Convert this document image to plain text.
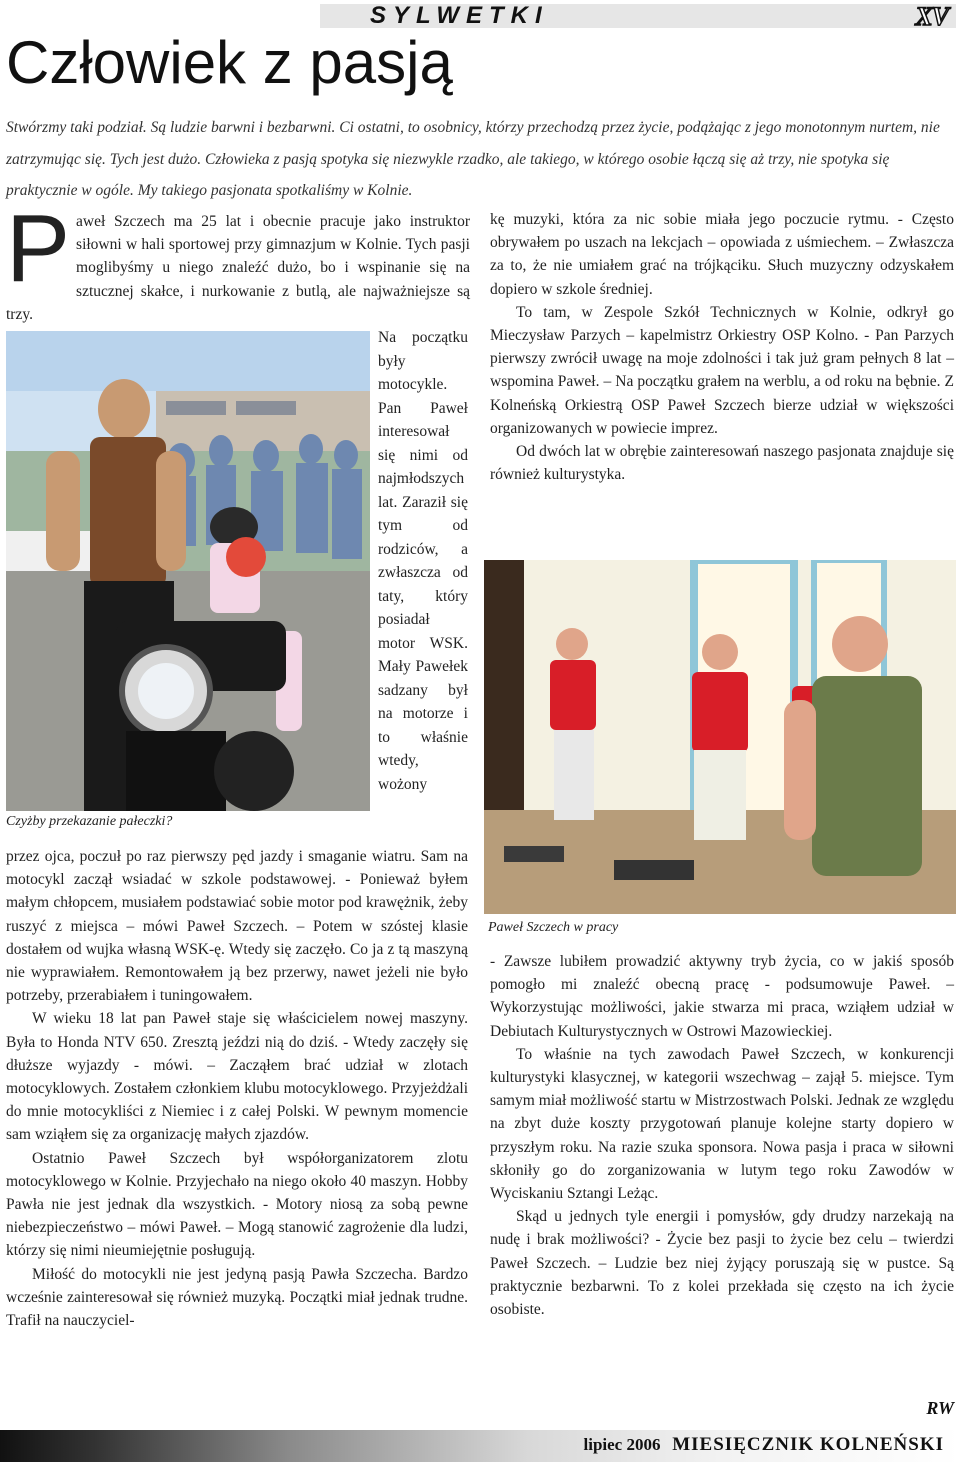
SYLWETKI	XV
Człowiek z pasją
Stwórzmy taki podział. Są ludzie barwni i bezbarwni. Ci ostatni, to osobnicy, którzy przechodzą przez życie, podążając z jego monotonnym nurtem, nie zatrzymując się. Tych jest dużo. Człowieka z pasją spotyka się niezwykle rzadko, ale takiego, w którego osobie łączą się aż trzy, nie spotyka się praktycznie w ogóle. My takiego pasjonata spotkaliśmy w Kolnie.
P aweł Szczech ma 25 lat i obecnie pracuje jako instruktor siłowni w hali sportowej przy gimnazjum w Kolnie. Tych pasji moglibyśmy u niego znaleźć dużo, bo i wspinanie się na sztucznej skałce, i nurkowanie z butlą, ale najważniejsze są trzy.

Na początku były motocykle. Pan Paweł interesował się nimi od najmłodszych lat. Zaraził się tym od rodziców, a zwłaszcza od taty, który posiadał motor WSK. Mały Pawełek sadzany był na motorze i to właśnie wtedy, wożony

Czyżby przekazanie pałeczki?

przez ojca, poczuł po raz pierwszy pęd jazdy i smaganie wiatru. Sam na motocykl zaczął wsiadać w szkole podstawowej. - Ponieważ byłem małym chłopcem, musiałem podstawiać sobie motor pod krawężnik, żeby ruszyć z miejsca – mówi Paweł Szczech. – Potem w szóstej klasie dostałem od wujka własną WSK-ę. Wtedy się zaczęło. Co ja z tą maszyną nie wyprawiałem. Remontowałem ją bez przerwy, nawet jeżeli nie było potrzeby, przerabiałem i tuningowałem.

W wieku 18 lat pan Paweł staje się właścicielem nowej maszyny. Była to Honda NTV 650. Zresztą jeździ nią do dziś. - Wtedy zaczęły się dłuższe wyjazdy - mówi. – Zacząłem brać udział w zlotach motocyklowych. Zostałem członkiem klubu motocyklowego. Przyjeżdżali do mnie motocykliści z Niemiec i z całej Polski. W pewnym momencie sam wziąłem się za organizację małych zjazdów.

Ostatnio Paweł Szczech był współorganizatorem zlotu motocyklowego w Kolnie. Przyjechało na niego około 40 maszyn. Hobby Pawła nie jest jednak dla wszystkich. - Motory niosą za sobą pewne niebezpieczeństwo – mówi Paweł. – Mogą stanowić zagrożenie dla ludzi, którzy się nimi nieumiejętnie posługują.

Miłość do motocykli nie jest jedyną pasją Pawła Szczecha. Bardzo wcześnie zainteresował się również muzyką. Początki miał jednak trudne. Trafił na nauczyciel-

kę muzyki, która za nic sobie miała jego poczucie rytmu. - Często obrywałem po uszach na lekcjach – opowiada z uśmiechem. – Zwłaszcza za to, że nie umiałem grać na trójkąciku. Słuch muzyczny odzyskałem dopiero w szkole średniej.

To tam, w Zespole Szkół Technicznych w Kolnie, odkrył go Mieczysław Parzych – kapelmistrz Orkiestry OSP Kolno. - Pan Parzych pierwszy zwrócił uwagę na moje zdolności i tak już gram pełnych 8 lat – wspomina Paweł. – Na początku grałem na werblu, a od roku na bębnie. Z Kolneńską Orkiestrą OSP Paweł Szczech bierze udział w większości organizowanych w powiecie imprez.

Od dwóch lat w obrębie zainteresowań naszego pasjonata znajduje się również kulturystyka.

Paweł Szczech w pracy

- Zawsze lubiłem prowadzić aktywny tryb życia, co w jakiś sposób pomogło mi znaleźć obecną pracę - podsumowuje Paweł. – Wykorzystując możliwości, jakie stwarza mi praca, wziąłem udział w Debiutach Kulturystycznych w Ostrowi Mazowieckiej.

To właśnie na tych zawodach Paweł Szczech, w konkurencji kulturystyki klasycznej, w kategorii wszechwag – zajął 5. miejsce. Tym samym miał możliwość startu w Mistrzostwach Polski. Jednak ze względu na zbyt duże koszty przygotowań planuje kolejne starty dopiero w przyszłym roku. Na razie szuka sponsora. Nowa pasja i praca w siłowni skłoniły go do zorganizowania w lutym tego roku Zawodów w Wyciskaniu Sztangi Leżąc.

Skąd u jednych tyle energii i pomysłów, gdy drudzy narzekają na nudę i brak możliwości? - Życie bez pasji to życie bez celu – twierdzi Paweł Szczech. – Ludzie bez niej żyjący poruszają się w pustce. Są praktycznie bezbarwni. To z kolei przekłada się często na ich życie osobiste.

RW
lipiec 2006 MIESIĘCZNIK KOLNEŃSKI
